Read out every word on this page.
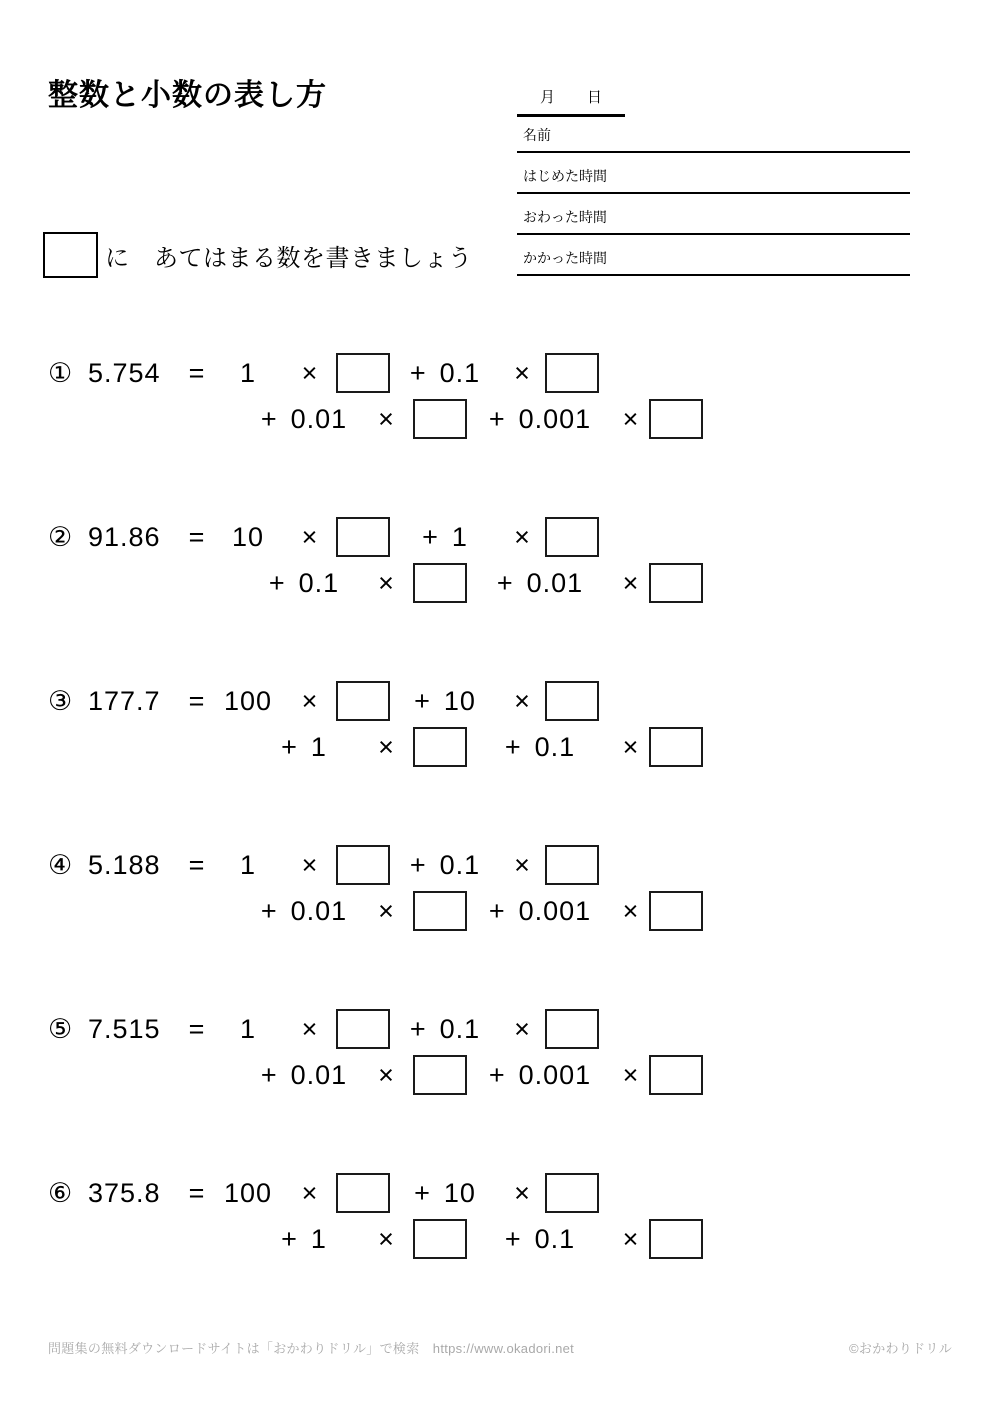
整数と小数の表し方	月 日
名前
はじめた時間
おわった時間
かかった時間
に　あてはまる数を書きましょう
① 5.754	=	1	×	+ 0.1	×
+ 0.01	×	+ 0.001	×
② 91.86	= 10	×	+ 1	×
+ 0.1	×	+ 0.01	×
③ 177.7	= 100	×	+ 10	×
+ 1	×	+ 0.1	×
④ 5.188	=	1	×	+ 0.1	×
+ 0.01	×	+ 0.001	×
⑤ 7.515	=	1	×	+ 0.1	×
+ 0.01	×	+ 0.001	×
⑥ 375.8	= 100	×	+ 10	×
+ 1	×	+ 0.1	×
問題集の無料ダウンロードサイトは「おかわりドリル」で検索　https://www.okadori.net	©おかわりドリル
